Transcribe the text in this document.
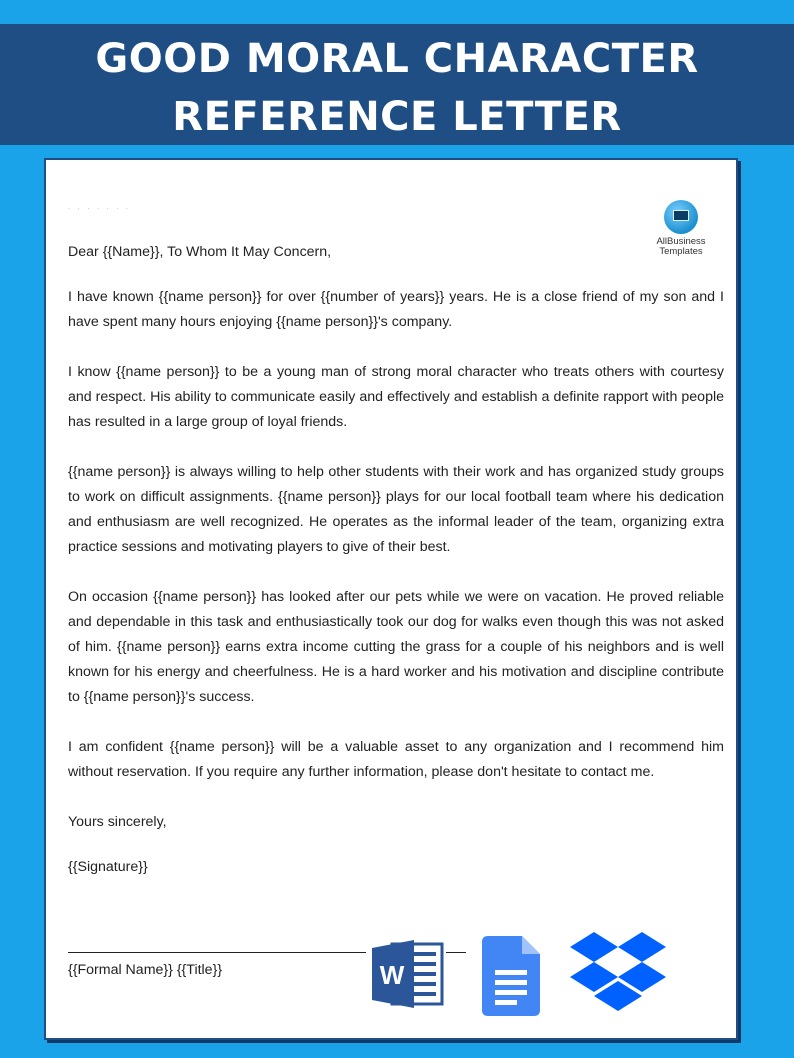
GOOD MORAL CHARACTER
REFERENCE LETTER
· · · · · · ·
AllBusiness
Templates

Dear {{Name}}, To Whom It May Concern,

I have known {{name person}} for over {{number of years}} years. He is a close friend of my son and I have spent many hours enjoying {{name person}}'s company.

I know {{name person}} to be a young man of strong moral character who treats others with courtesy and respect. His ability to communicate easily and effectively and establish a definite rapport with people has resulted in a large group of loyal friends.

{{name person}} is always willing to help other students with their work and has organized study groups to work on difficult assignments. {{name person}} plays for our local football team where his dedication and enthusiasm are well recognized. He operates as the informal leader of the team, organizing extra practice sessions and motivating players to give of their best.

On occasion {{name person}} has looked after our pets while we were on vacation. He proved reliable and dependable in this task and enthusiastically took our dog for walks even though this was not asked of him. {{name person}} earns extra income cutting the grass for a couple of his neighbors and is well known for his energy and cheerfulness. He is a hard worker and his motivation and discipline contribute to {{name person}}'s success.

I am confident {{name person}} will be a valuable asset to any organization and I recommend him without reservation. If you require any further information, please don't hesitate to contact me.

Yours sincerely,

{{Signature}}

{{Formal Name}} {{Title}}	W
